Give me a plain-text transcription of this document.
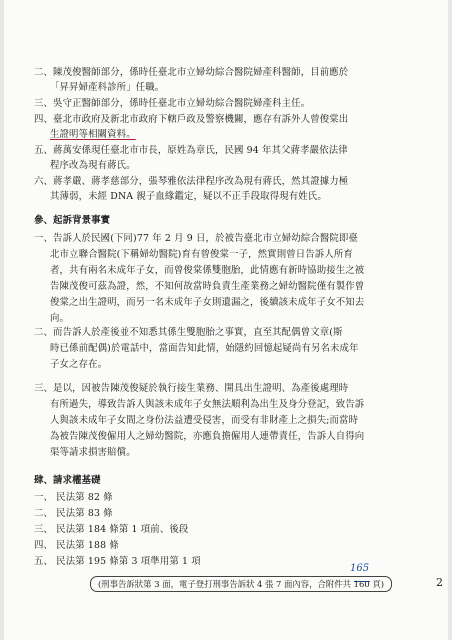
二、陳茂俊醫師部分，係時任臺北市立婦幼綜合醫院婦產科醫師，目前應於
「昇昇婦產科診所」任職。
三、吳守正醫師部分，係時任臺北市立婦幼綜合醫院婦產科主任。
四、臺北市政府及新北市政府下轄戶政及警察機關，應存有訴外人曾俊棠出
生證明等相關資料。
五、蔣萬安係現任臺北市市長，原姓為章氏，民國 94 年其父蔣孝嚴依法律
程序改為現有蔣氏。
六、蔣孝嚴、蔣孝慈部分，張琴雅依法律程序改為現有蔣氏，然其證據力極
其薄弱，未經 DNA 親子血緣鑑定，疑以不正手段取得現有姓氏。
參、起訴背景事實
一、告訴人於民國(下同)77 年 2 月 9 日，於被告臺北市立婦幼綜合醫院即臺
北市立聯合醫院(下稱婦幼醫院)育有曾俊棠一子，然實則曾日告訴人所育
者，共有兩名未成年子女，而曾俊棠係雙胞胎，此情應有新時協助接生之被
告陳茂俊可茲為證，然，不知何故當時負責生產業務之婦幼醫院僅有製作曾
俊棠之出生證明，而另一名未成年子女則遺漏之，後續該未成年子女不知去
向。
二、而告訴人於產後並不知悉其係生雙胞胎之事實，直至其配偶曾文章(斯
時已係前配偶)於電話中，當面告知此情，始隱約回憶起疑尚有另名未成年
子女之存在。
三、是以，因被告陳茂俊疑於執行接生業務、開具出生證明、為產後處理時
有所過失，導致告訴人與該未成年子女無法順利為出生及身分登記，致告訴
人與該未成年子女間之身份法益遭受侵害，而受有非財產上之損失;而當時
為被告陳茂俊僱用人之婦幼醫院，亦應負擔僱用人連帶責任，告訴人自得向
渠等請求損害賠償。
肆、請求權基礎
一、 民法第 82 條
二、 民法第 83 條
三、 民法第 184 條第 1 項前、後段
四、 民法第 188 條
五、 民法第 195 條第 3 項準用第 1 項
165
(刑事告訴狀第 3 面，電子登打刑事告訴狀 4 張 7 面內容，合附件共 160 頁)	2
